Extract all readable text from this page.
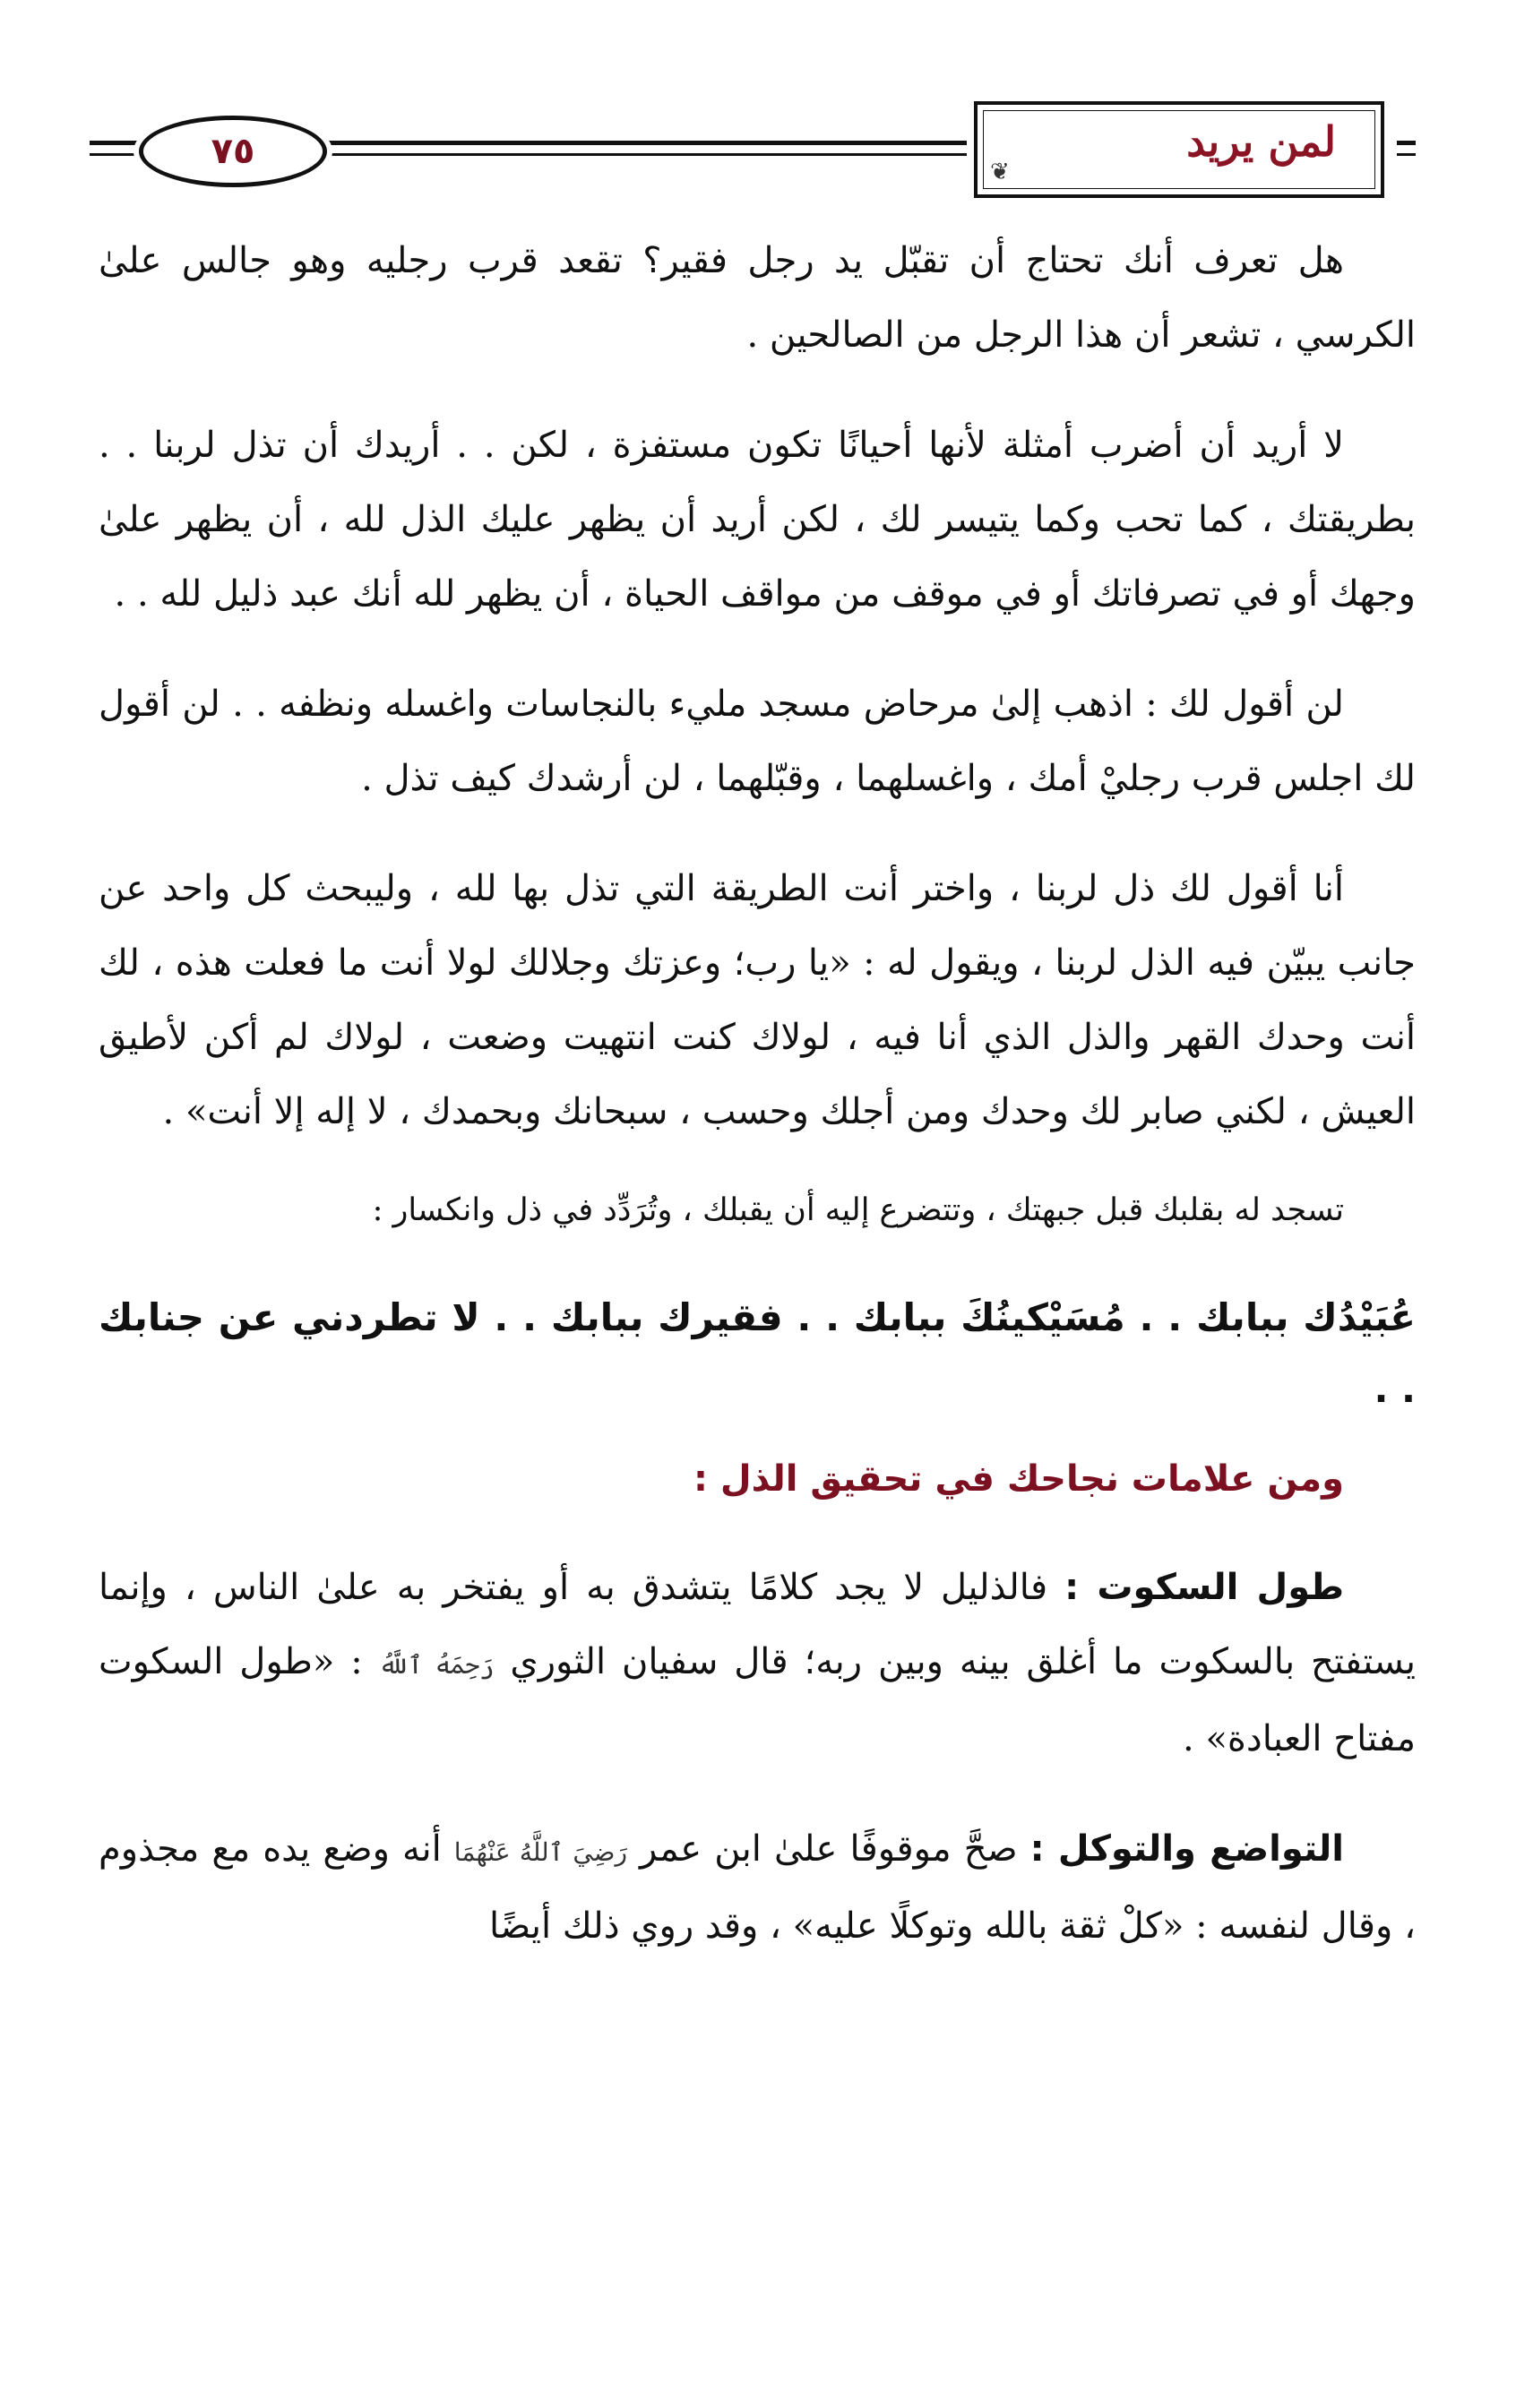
٧٥	لمن يريد
❦

هل تعرف أنك تحتاج أن تقبّل يد رجل فقير؟ تقعد قرب رجليه وهو جالس علىٰ الكرسي ، تشعر أن هذا الرجل من الصالحين .

لا أريد أن أضرب أمثلة لأنها أحيانًا تكون مستفزة ، لكن . . أريدك أن تذل لربنا . . بطريقتك ، كما تحب وكما يتيسر لك ، لكن أريد أن يظهر عليك الذل لله ، أن يظهر علىٰ وجهك أو في تصرفاتك أو في موقف من مواقف الحياة ، أن يظهر لله أنك عبد ذليل لله . .

لن أقول لك : اذهب إلىٰ مرحاض مسجد مليء بالنجاسات واغسله ونظفه . . لن أقول لك اجلس قرب رجليْ أمك ، واغسلهما ، وقبّلهما ، لن أرشدك كيف تذل .

أنا أقول لك ذل لربنا ، واختر أنت الطريقة التي تذل بها لله ، وليبحث كل واحد عن جانب يبيّن فيه الذل لربنا ، ويقول له : «يا رب؛ وعزتك وجلالك لولا أنت ما فعلت هذه ، لك أنت وحدك القهر والذل الذي أنا فيه ، لولاك كنت انتهيت وضعت ، لولاك لم أكن لأطيق العيش ، لكني صابر لك وحدك ومن أجلك وحسب ، سبحانك وبحمدك ، لا إله إلا أنت» .

تسجد له بقلبك قبل جبهتك ، وتتضرع إليه أن يقبلك ، وتُرَدِّد في ذل وانكسار :

عُبَيْدُك ببابك . . مُسَيْكينُكَ ببابك . . فقيرك ببابك . . لا تطردني عن جنابك . .

ومن علامات نجاحك في تحقيق الذل :

طول السكوت : فالذليل لا يجد كلامًا يتشدق به أو يفتخر به علىٰ الناس ، وإنما يستفتح بالسكوت ما أغلق بينه وبين ربه؛ قال سفيان الثوري رَحِمَهُ ٱللَّهُ : «طول السكوت مفتاح العبادة» .

التواضع والتوكل : صحَّ موقوفًا علىٰ ابن عمر رَضِيَ ٱللَّهُ عَنْهُمَا أنه وضع يده مع مجذوم ، وقال لنفسه : «كلْ ثقة بالله وتوكلًا عليه» ، وقد روي ذلك أيضًا
